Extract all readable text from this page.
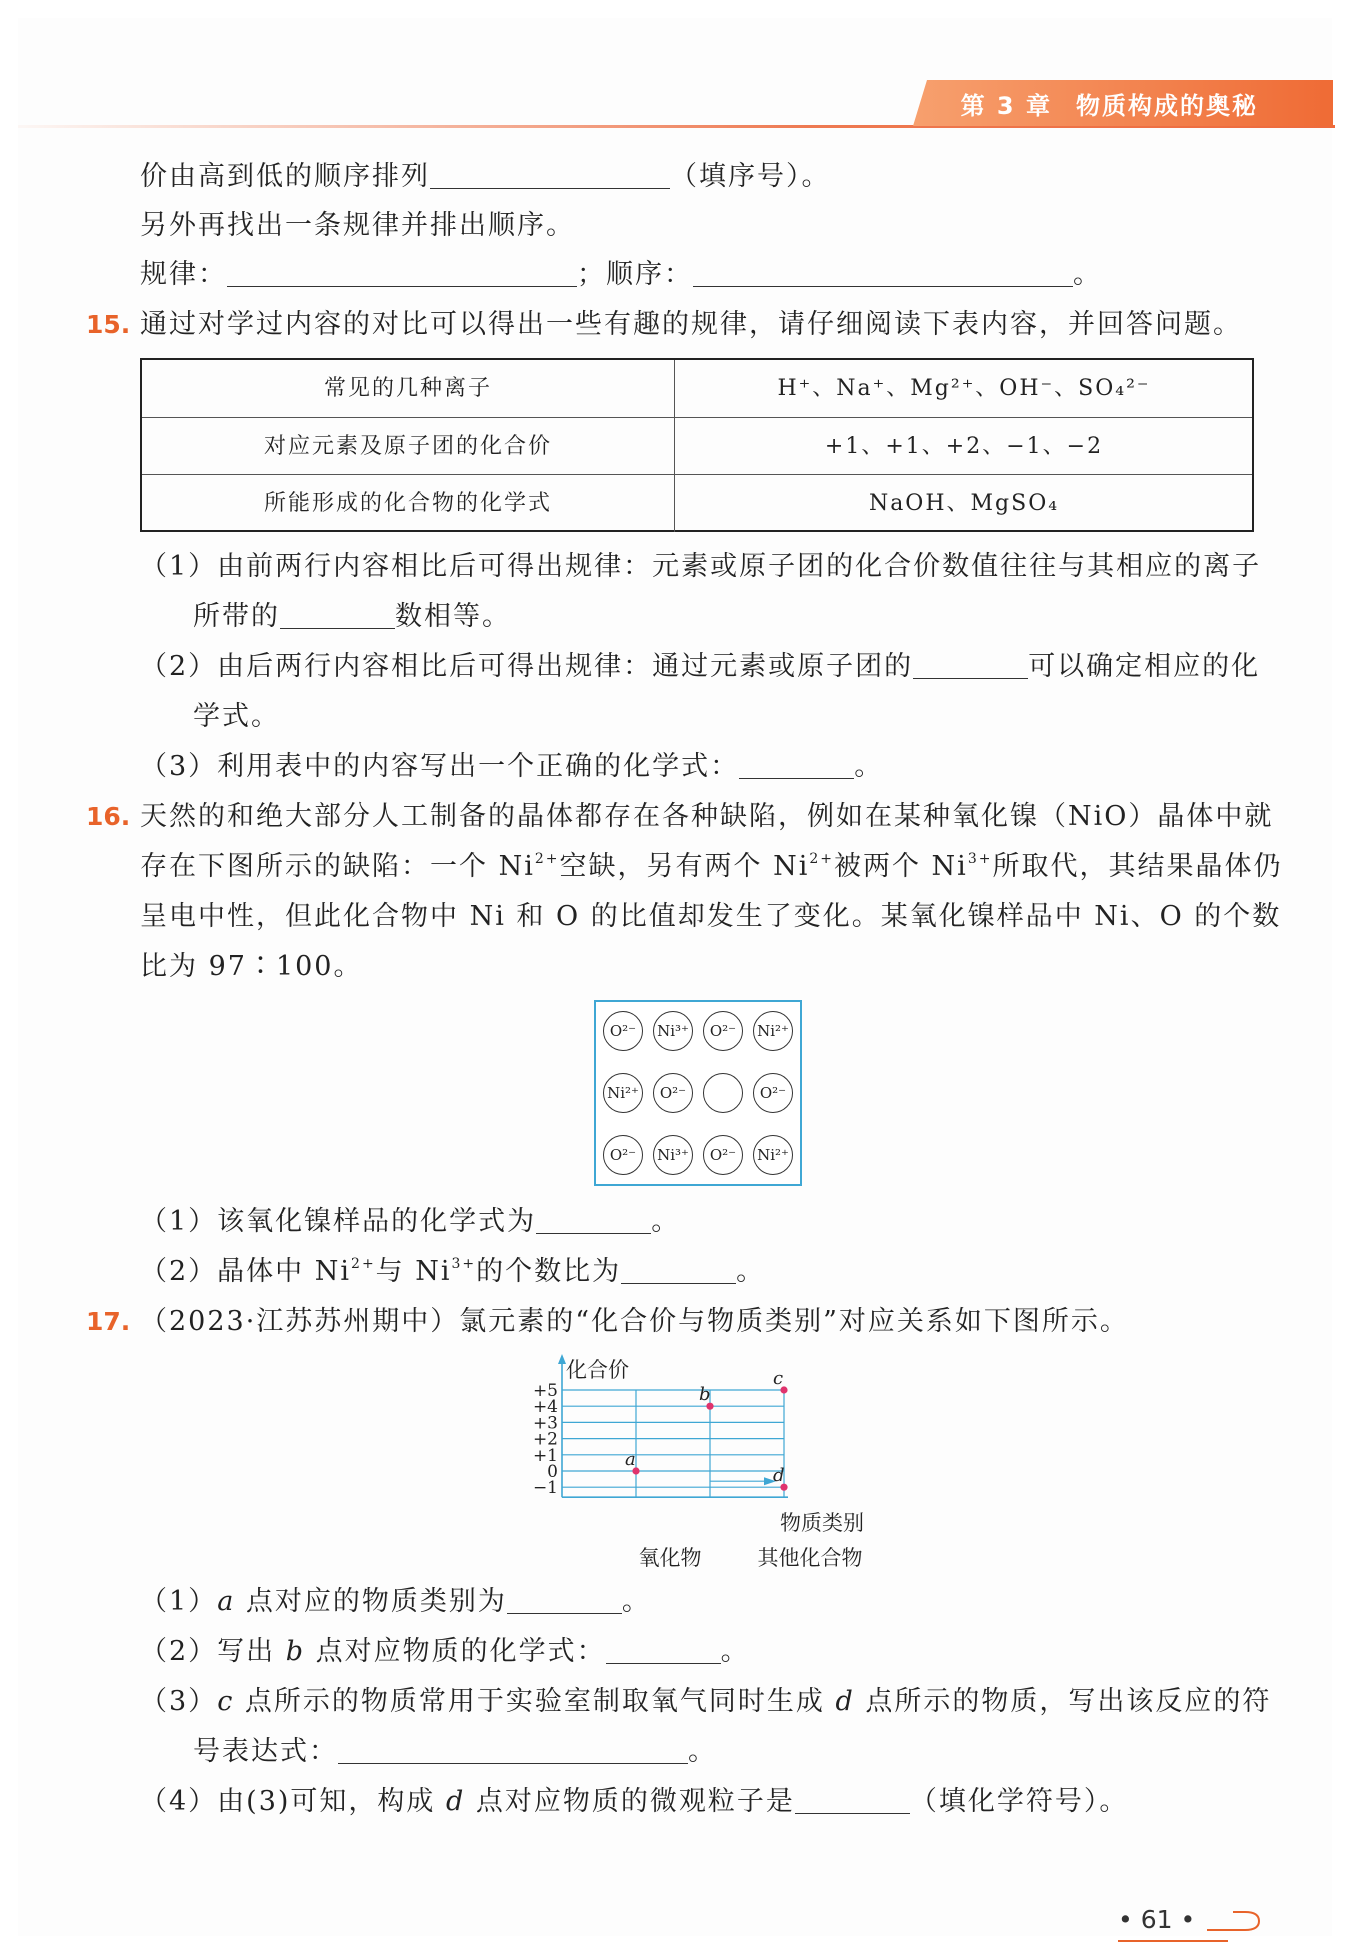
第 3 章 物质构成的奥秘
价由高到低的顺序排列	（填序号）。
另外再找出一条规律并排出顺序。
规律：	；顺序：	。
15. 通过对学过内容的对比可以得出一些有趣的规律，请仔细阅读下表内容，并回答问题。
常见的几种离子	H⁺、Na⁺、Mg²⁺、OH⁻、SO₄²⁻
对应元素及原子团的化合价	+1、+1、+2、−1、−2
所能形成的化合物的化学式	NaOH、MgSO₄
（1）由前两行内容相比后可得出规律：元素或原子团的化合价数值往往与其相应的离子
所带的	数相等。
（2）由后两行内容相比后可得出规律：通过元素或原子团的	可以确定相应的化
学式。
（3）利用表中的内容写出一个正确的化学式：	。
16. 天然的和绝大部分人工制备的晶体都存在各种缺陷，例如在某种氧化镍（NiO）晶体中就
存在下图所示的缺陷：一个 $Ni^{2+}$空缺，另有两个 $Ni^{2+}$被两个 $Ni^{3+}$所取代，其结果晶体仍
呈电中性，但此化合物中 Ni 和 O 的比值却发生了变化。某氧化镍样品中 Ni、O 的个数
比为 97∶100。
O²⁻	Ni³⁺	O²⁻	Ni²⁺
Ni²⁺	O²⁻	O²⁻
O²⁻	Ni³⁺	O²⁻	Ni²⁺
（1）该氧化镍样品的化学式为	。
（2）晶体中 $Ni^{2+}$与 $Ni^{3+}$的个数比为	。
17. （2023·江苏苏州期中）氯元素的“化合价与物质类别”对应关系如下图所示。
+5
+4
+3
+2
+1
0
−1
a
b
c
d
化合价
物质类别
氧化物	其他化合物
（1）a 点对应的物质类别为	。
（2）写出 b 点对应物质的化学式：	。
（3）c 点所示的物质常用于实验室制取氧气同时生成 d 点所示的物质，写出该反应的符
号表达式：	。
（4）由(3)可知，构成 d 点对应物质的微观粒子是	（填化学符号）。
• 61 •
